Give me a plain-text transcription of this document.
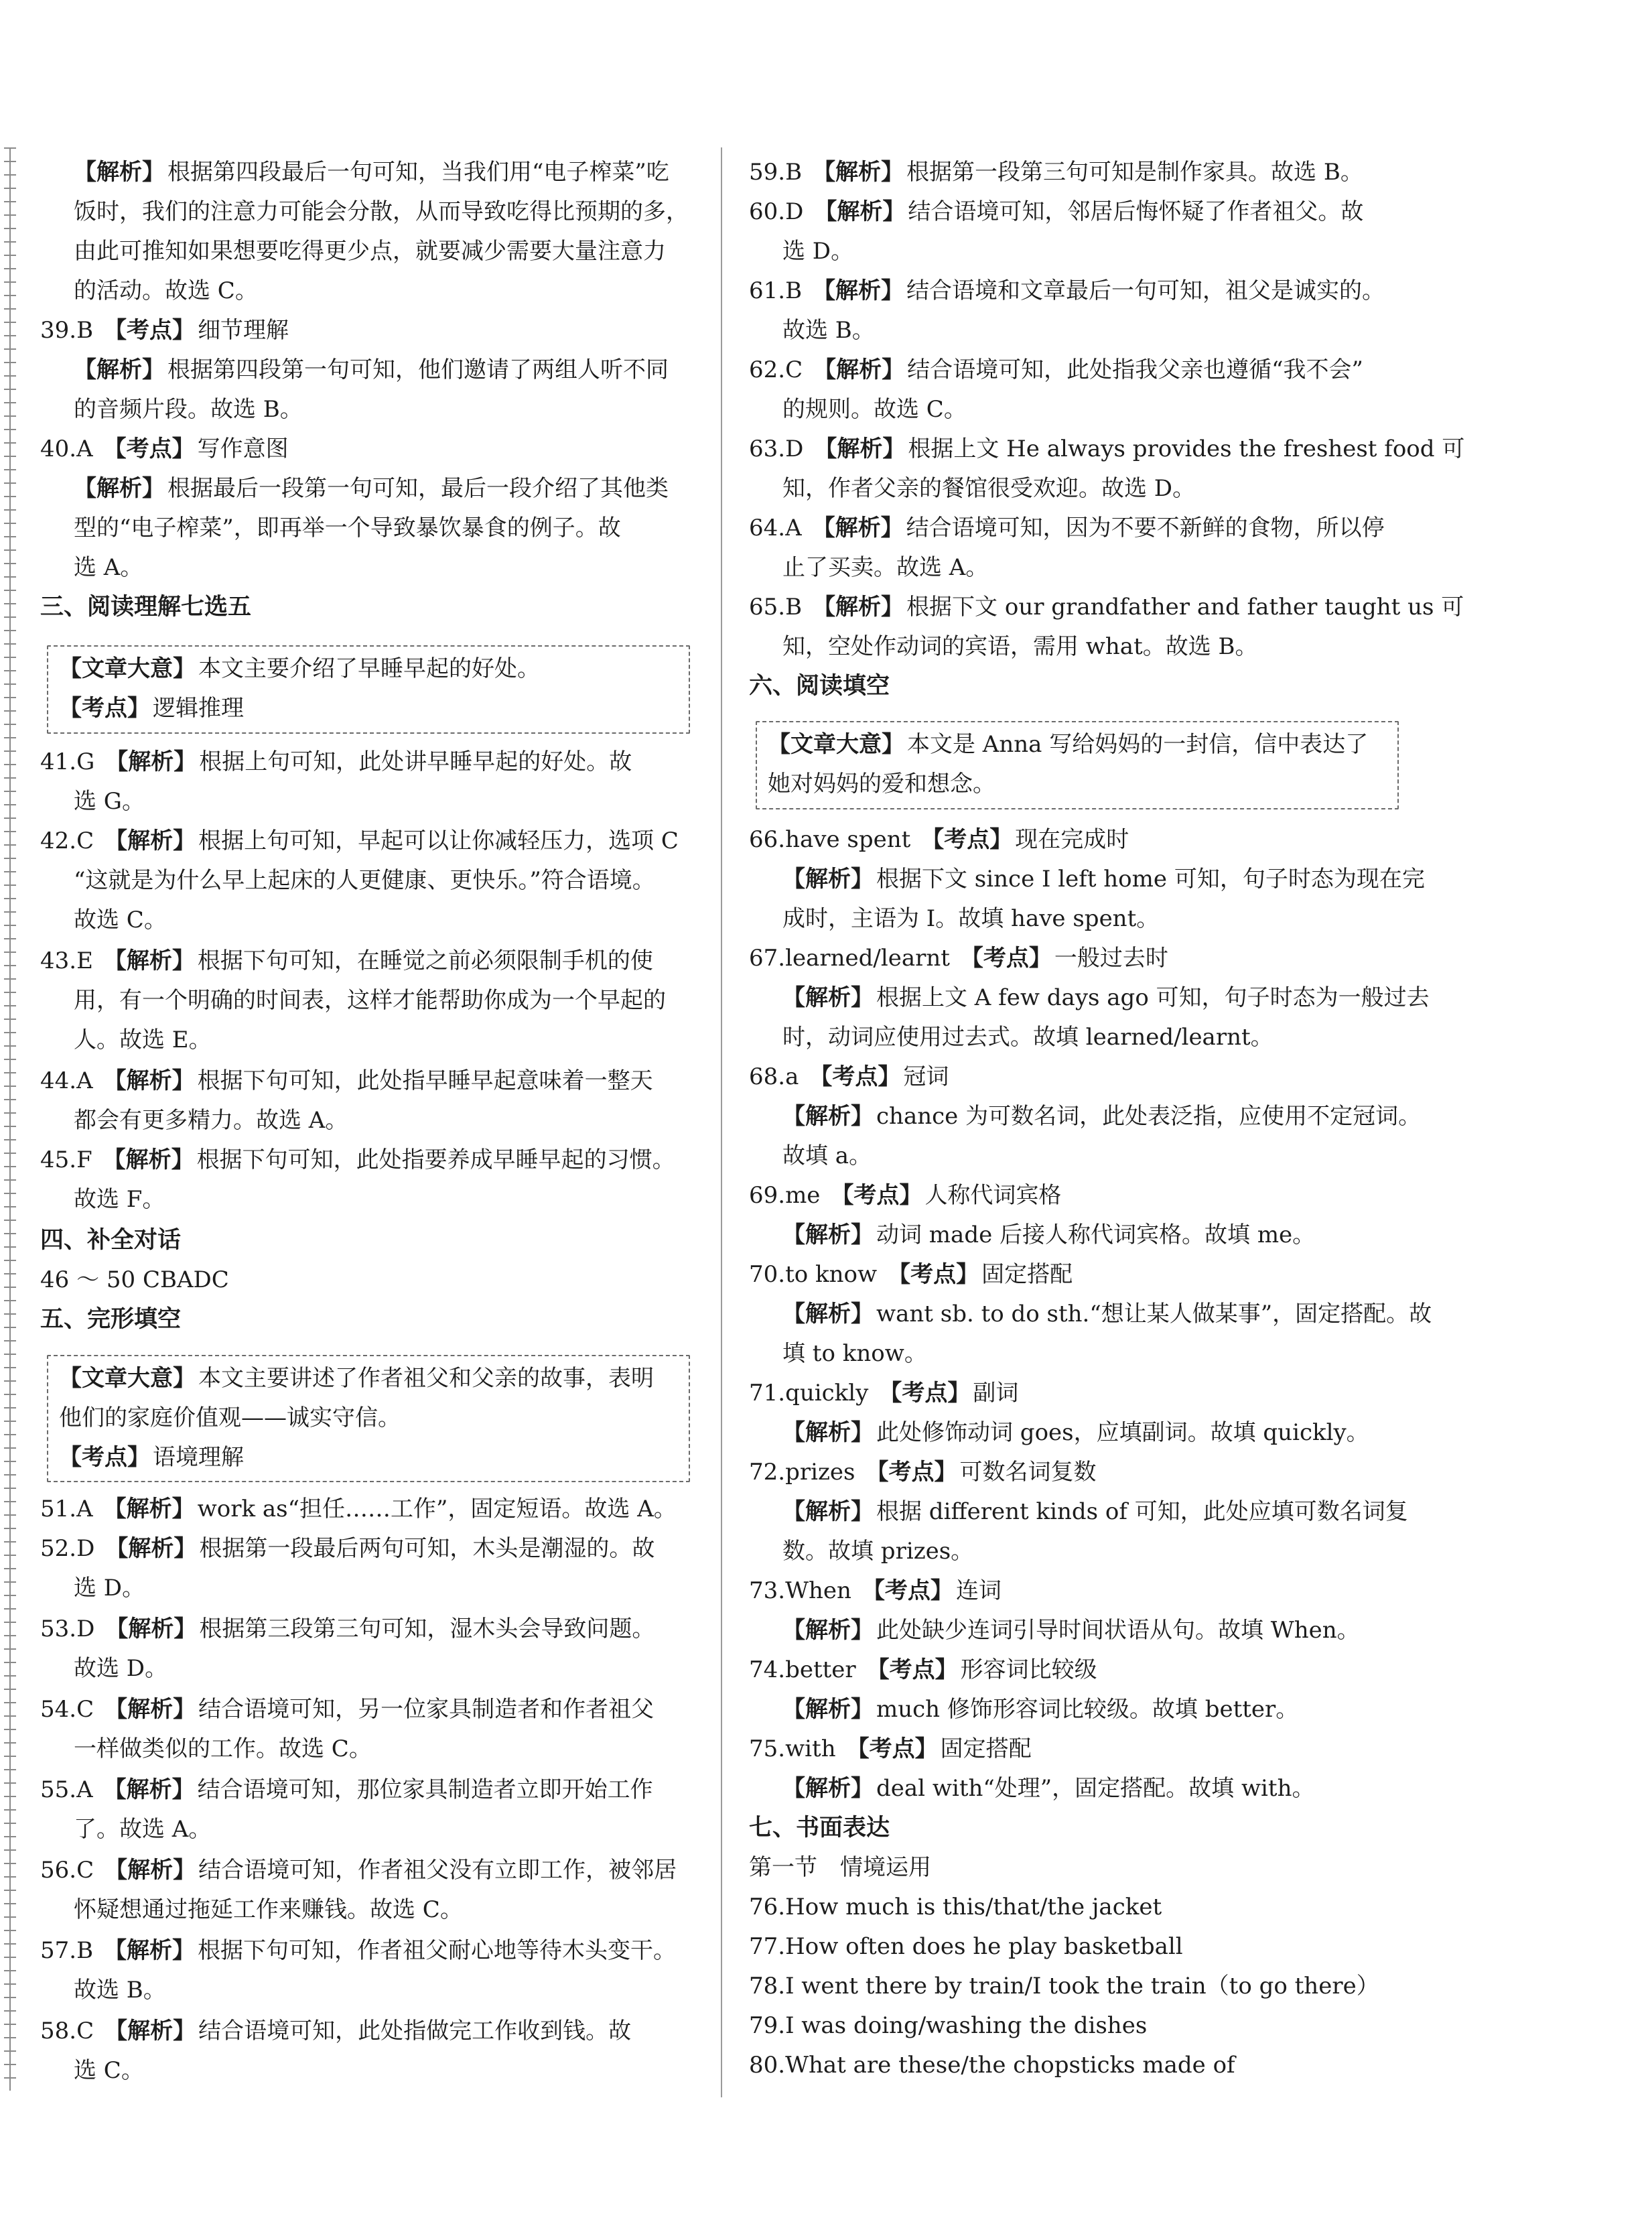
【解析】 根据第四段最后一句可知，当我们用“电子榨菜”吃
饭时，我们的注意力可能会分散，从而导致吃得比预期的多，
由此可推知如果想要吃得更少点，就要减少需要大量注意力
的活动。故选 C。
39.B 【考点】 细节理解
【解析】 根据第四段第一句可知，他们邀请了两组人听不同
的音频片段。故选 B。
40.A 【考点】 写作意图
【解析】 根据最后一段第一句可知，最后一段介绍了其他类
型的“电子榨菜”，即再举一个导致暴饮暴食的例子。故
选 A。
三、阅读理解七选五
【文章大意】 本文主要介绍了早睡早起的好处。
【考点】 逻辑推理
41.G 【解析】 根据上句可知，此处讲早睡早起的好处。故
选 G。
42.C 【解析】 根据上句可知，早起可以让你减轻压力，选项 C
“这就是为什么早上起床的人更健康、更快乐。”符合语境。
故选 C。
43.E 【解析】 根据下句可知，在睡觉之前必须限制手机的使
用，有一个明确的时间表，这样才能帮助你成为一个早起的
人。故选 E。
44.A 【解析】 根据下句可知，此处指早睡早起意味着一整天
都会有更多精力。故选 A。
45.F 【解析】 根据下句可知，此处指要养成早睡早起的习惯。
故选 F。
四、补全对话
46 ～ 50 CBADC
五、完形填空
【文章大意】 本文主要讲述了作者祖父和父亲的故事，表明
他们的家庭价值观——诚实守信。
【考点】 语境理解
51.A 【解析】 work as“担任……工作”，固定短语。故选 A。
52.D 【解析】 根据第一段最后两句可知，木头是潮湿的。故
选 D。
53.D 【解析】 根据第三段第三句可知，湿木头会导致问题。
故选 D。
54.C 【解析】 结合语境可知，另一位家具制造者和作者祖父
一样做类似的工作。故选 C。
55.A 【解析】 结合语境可知，那位家具制造者立即开始工作
了。故选 A。
56.C 【解析】 结合语境可知，作者祖父没有立即工作，被邻居
怀疑想通过拖延工作来赚钱。故选 C。
57.B 【解析】 根据下句可知，作者祖父耐心地等待木头变干。
故选 B。
58.C 【解析】 结合语境可知，此处指做完工作收到钱。故
选 C。
59.B 【解析】 根据第一段第三句可知是制作家具。故选 B。
60.D 【解析】 结合语境可知，邻居后悔怀疑了作者祖父。故
选 D。
61.B 【解析】 结合语境和文章最后一句可知，祖父是诚实的。
故选 B。
62.C 【解析】 结合语境可知，此处指我父亲也遵循“我不会”
的规则。故选 C。
63.D 【解析】 根据上文 He always provides the freshest food 可
知，作者父亲的餐馆很受欢迎。故选 D。
64.A 【解析】 结合语境可知，因为不要不新鲜的食物，所以停
止了买卖。故选 A。
65.B 【解析】 根据下文 our grandfather and father taught us 可
知，空处作动词的宾语，需用 what。故选 B。
六、阅读填空
【文章大意】 本文是 Anna 写给妈妈的一封信，信中表达了
她对妈妈的爱和想念。
66.have spent 【考点】 现在完成时
【解析】 根据下文 since I left home 可知，句子时态为现在完
成时，主语为 I。故填 have spent。
67.learned/learnt 【考点】 一般过去时
【解析】 根据上文 A few days ago 可知，句子时态为一般过去
时，动词应使用过去式。故填 learned/learnt。
68.a 【考点】 冠词
【解析】 chance 为可数名词，此处表泛指，应使用不定冠词。
故填 a。
69.me 【考点】 人称代词宾格
【解析】 动词 made 后接人称代词宾格。故填 me。
70.to know 【考点】 固定搭配
【解析】 want sb. to do sth.“想让某人做某事”，固定搭配。故
填 to know。
71.quickly 【考点】 副词
【解析】 此处修饰动词 goes，应填副词。故填 quickly。
72.prizes 【考点】 可数名词复数
【解析】 根据 different kinds of 可知，此处应填可数名词复
数。故填 prizes。
73.When 【考点】 连词
【解析】 此处缺少连词引导时间状语从句。故填 When。
74.better 【考点】 形容词比较级
【解析】 much 修饰形容词比较级。故填 better。
75.with 【考点】 固定搭配
【解析】 deal with“处理”，固定搭配。故填 with。
七、书面表达
第一节　情境运用
76.How much is this/that/the jacket
77.How often does he play basketball
78.I went there by train/I took the train（to go there）
79.I was doing/washing the dishes
80.What are these/the chopsticks made of
